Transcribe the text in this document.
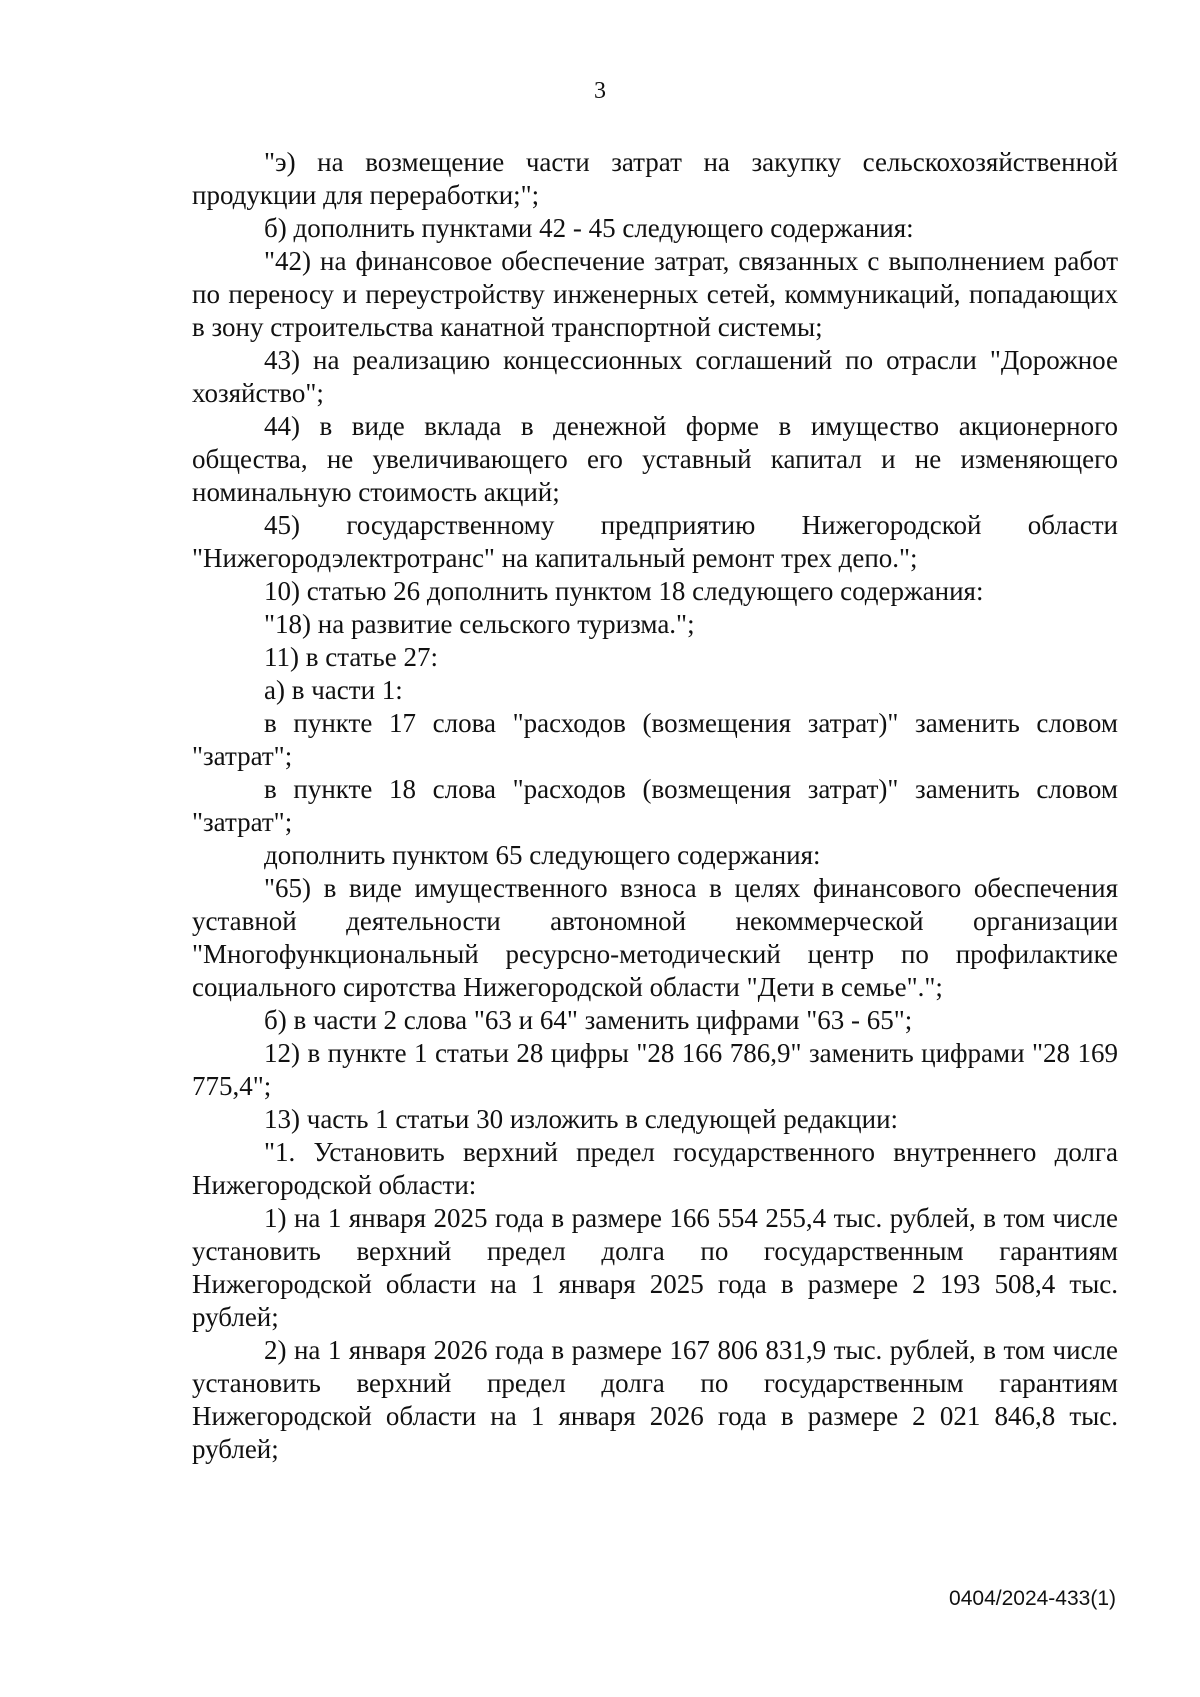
3

"э) на возмещение части затрат на закупку сельскохозяйственной продукции для переработки;";

б) дополнить пунктами 42 - 45 следующего содержания:

"42) на финансовое обеспечение затрат, связанных с выполнением работ по переносу и переустройству инженерных сетей, коммуникаций, попадающих в зону строительства канатной транспортной системы;

43) на реализацию концессионных соглашений по отрасли "Дорожное хозяйство";

44) в виде вклада в денежной форме в имущество акционерного общества, не увеличивающего его уставный капитал и не изменяющего номинальную стоимость акций;

45) государственному предприятию Нижегородской области "Нижегородэлектротранс" на капитальный ремонт трех депо.";

10) статью 26 дополнить пунктом 18 следующего содержания:

"18) на развитие сельского туризма.";

11) в статье 27:

а) в части 1:

в пункте 17 слова "расходов (возмещения затрат)" заменить словом "затрат";

в пункте 18 слова "расходов (возмещения затрат)" заменить словом "затрат";

дополнить пунктом 65 следующего содержания:

"65) в виде имущественного взноса в целях финансового обеспечения уставной деятельности автономной некоммерческой организации "Многофункциональный ресурсно-методический центр по профилактике социального сиротства Нижегородской области "Дети в семье".";

б) в части 2 слова "63 и 64" заменить цифрами "63 - 65";

12) в пункте 1 статьи 28 цифры "28 166 786,9" заменить цифрами "28 169 775,4";

13) часть 1 статьи 30 изложить в следующей редакции:

"1. Установить верхний предел государственного внутреннего долга Нижегородской области:

1) на 1 января 2025 года в размере 166 554 255,4 тыс. рублей, в том числе установить верхний предел долга по государственным гарантиям Нижегородской области на 1 января 2025 года в размере 2 193 508,4 тыс. рублей;

2) на 1 января 2026 года в размере 167 806 831,9 тыс. рублей, в том числе установить верхний предел долга по государственным гарантиям Нижегородской области на 1 января 2026 года в размере 2 021 846,8 тыс. рублей;

0404/2024-433(1)
